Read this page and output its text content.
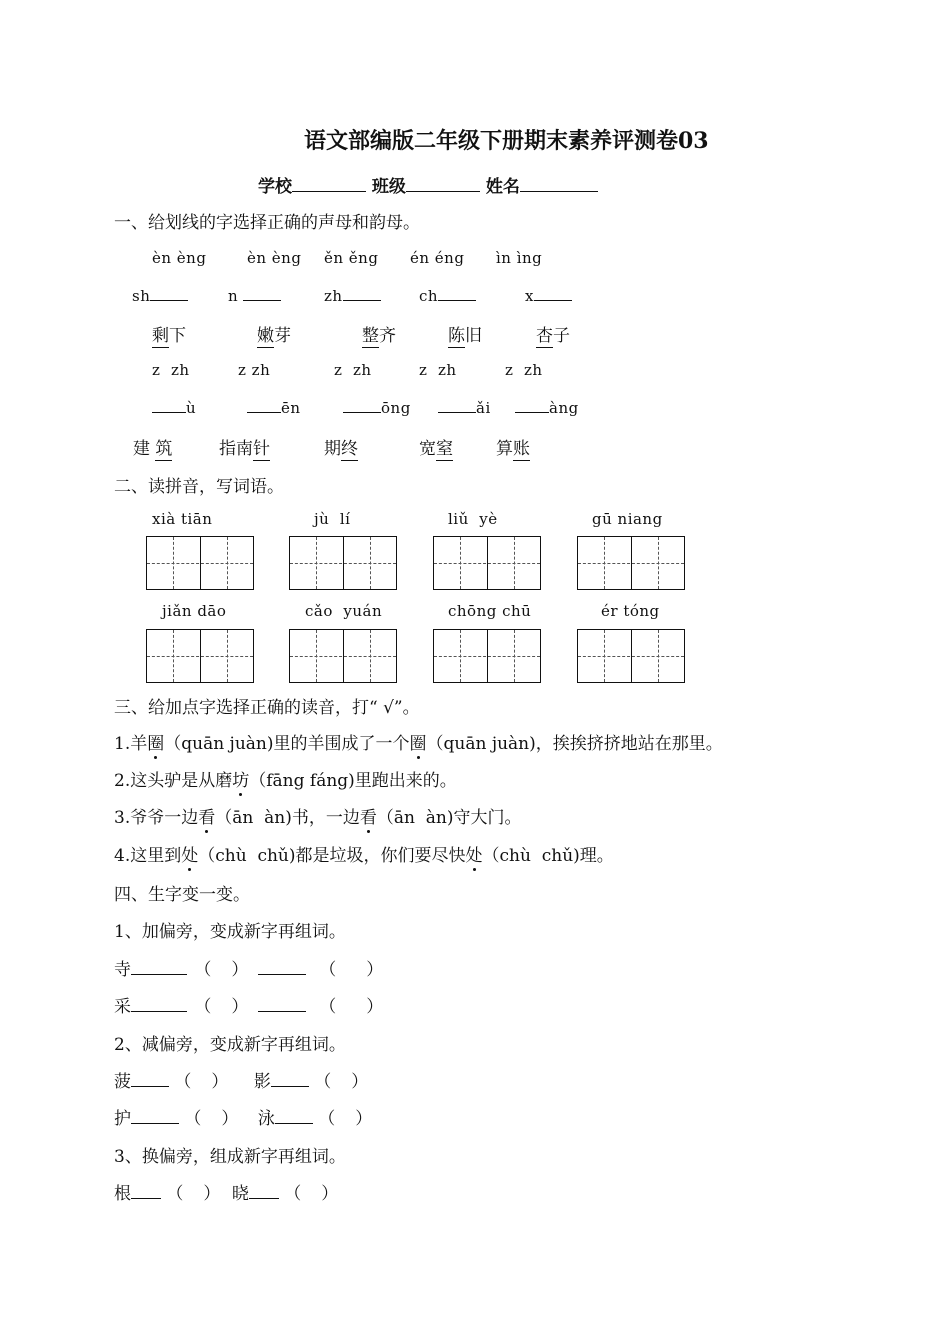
语文部编版二年级下册期末素养评测卷03
学校	班级	姓名
一、给划线的字选择正确的声母和韵母。
èn èng	èn èng ěn ěng én éng ìn ìng
sh	n	zh	ch	x
剩下	嫩芽	整齐	陈旧	杏子
z  zh	z zh	z  zh	z  zh	z  zh
ù	ēn	ōng	ǎi	àng
建 筑	指南针	期终	宽窒	算账
二、读拼音，写词语。
xià tiān	jù  lí	liǔ  yè	gū niang
jiǎn dāo	cǎo  yuán	chōng chū	ér tóng
三、给加点字选择正确的读音，打“ √”。
1.羊圈（quān juàn)里的羊围成了一个圈（quān juàn)，挨挨挤挤地站在那里。
2.这头驴是从磨坊（fāng fáng)里跑出来的。
3.爷爷一边看（ān  àn)书，一边看（ān  àn)守大门。
4.这里到处（chù  chǔ)都是垃圾，你们要尽快处（chù  chǔ)理。
四、生字变一变。
1、加偏旁，变成新字再组词。
寺	（ ）	（ ）
采	（ ）	（ ）
2、减偏旁，变成新字再组词。
菠	（ ） 影	（ ）
护	（ ） 泳	（ ）
3、换偏旁，组成新字再组词。
根 （ ） 晓 （ ）
